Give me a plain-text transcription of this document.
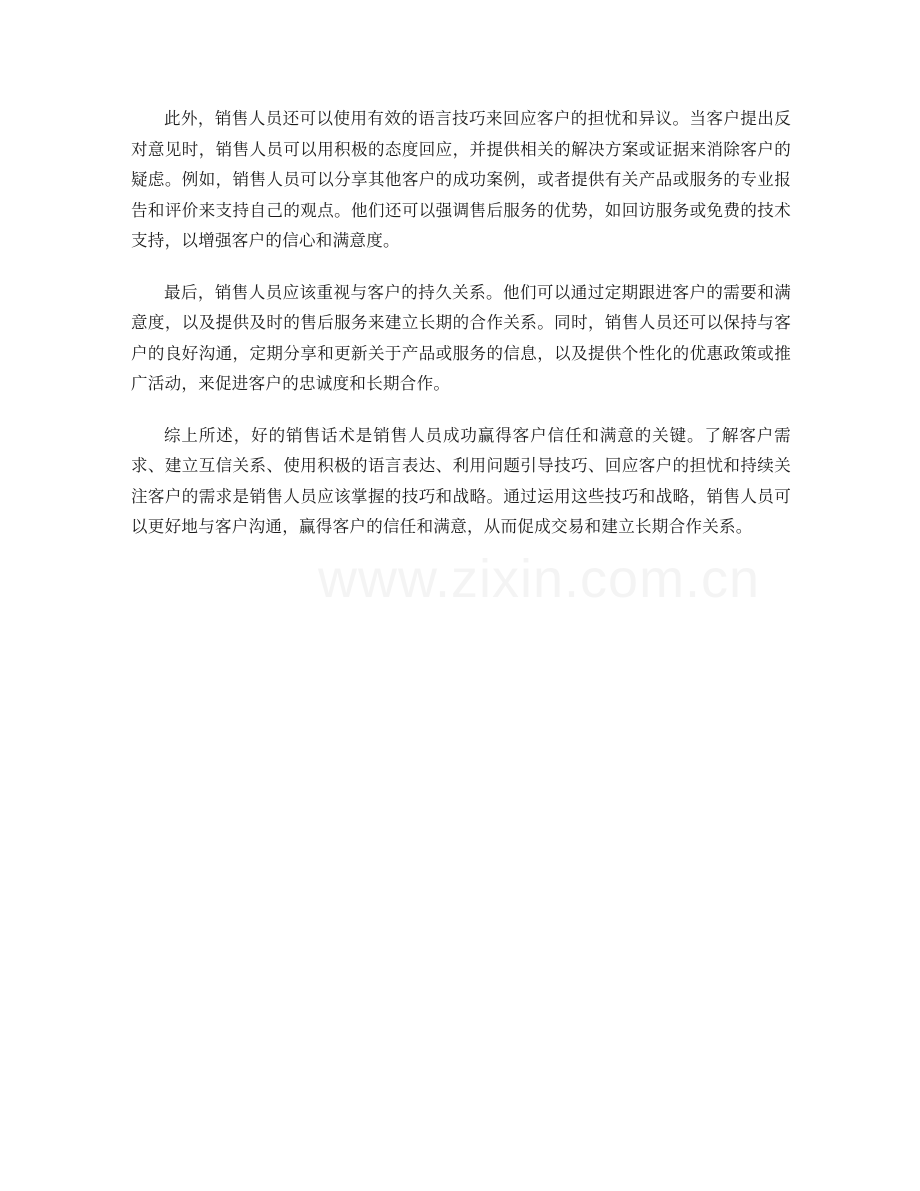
此外，销售人员还可以使用有效的语言技巧来回应客户的担忧和异议。当客户提出反对意见时，销售人员可以用积极的态度回应，并提供相关的解决方案或证据来消除客户的疑虑。例如，销售人员可以分享其他客户的成功案例，或者提供有关产品或服务的专业报告和评价来支持自己的观点。他们还可以强调售后服务的优势，如回访服务或免费的技术支持，以增强客户的信心和满意度。

最后，销售人员应该重视与客户的持久关系。他们可以通过定期跟进客户的需要和满意度，以及提供及时的售后服务来建立长期的合作关系。同时，销售人员还可以保持与客户的良好沟通，定期分享和更新关于产品或服务的信息，以及提供个性化的优惠政策或推广活动，来促进客户的忠诚度和长期合作。

综上所述，好的销售话术是销售人员成功赢得客户信任和满意的关键。了解客户需求、建立互信关系、使用积极的语言表达、利用问题引导技巧、回应客户的担忧和持续关注客户的需求是销售人员应该掌握的技巧和战略。通过运用这些技巧和战略，销售人员可以更好地与客户沟通，赢得客户的信任和满意，从而促成交易和建立长期合作关系。

www.zixin.com.cn
